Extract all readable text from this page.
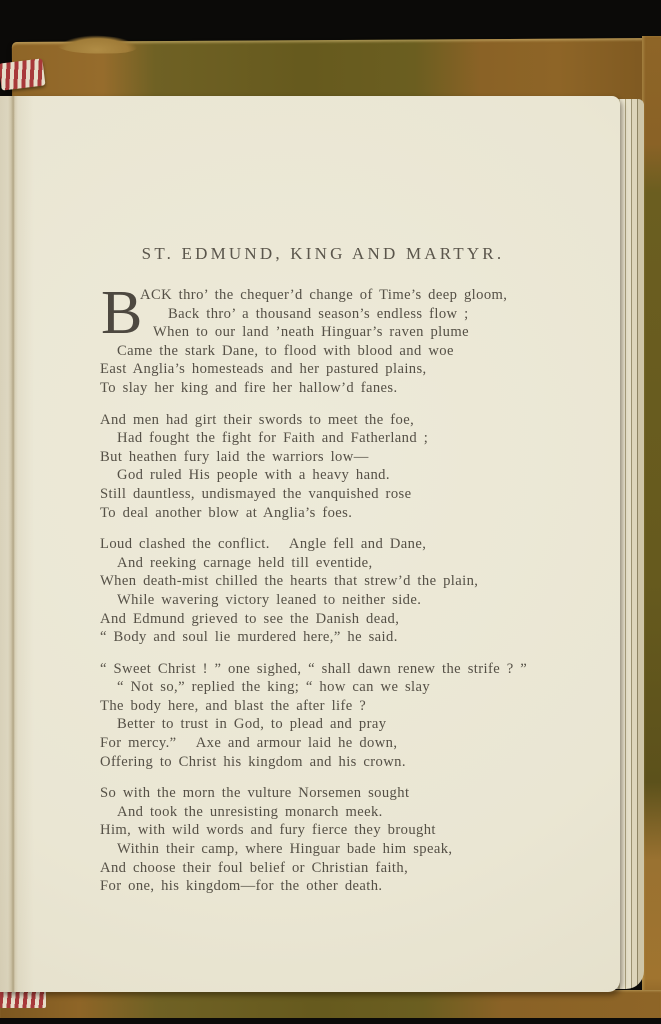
ST. EDMUND, KING AND MARTYR.
B
ACK thro’ the chequer’d change of Time’s deep gloom,
Back thro’ a thousand season’s endless flow ;
When to our land ’neath Hinguar’s raven plume
Came the stark Dane, to flood with blood and woe
East Anglia’s homesteads and her pastured plains,
To slay her king and fire her hallow’d fanes.
And men had girt their swords to meet the foe,
Had fought the fight for Faith and Fatherland ;
But heathen fury laid the warriors low—
God ruled His people with a heavy hand.
Still dauntless, undismayed the vanquished rose
To deal another blow at Anglia’s foes.
Loud clashed the conflict.   Angle fell and Dane,
And reeking carnage held till eventide,
When death-mist chilled the hearts that strew’d the plain,
While wavering victory leaned to neither side.
And Edmund grieved to see the Danish dead,
“ Body and soul lie murdered here,” he said.
“ Sweet Christ ! ” one sighed, “ shall dawn renew the strife ? ”
“ Not so,” replied the king; “ how can we slay
The body here, and blast the after life ?
Better to trust in God, to plead and pray
For mercy.”   Axe and armour laid he down,
Offering to Christ his kingdom and his crown.
So with the morn the vulture Norsemen sought
And took the unresisting monarch meek.
Him, with wild words and fury fierce they brought
Within their camp, where Hinguar bade him speak,
And choose their foul belief or Christian faith,
For one, his kingdom—for the other death.
